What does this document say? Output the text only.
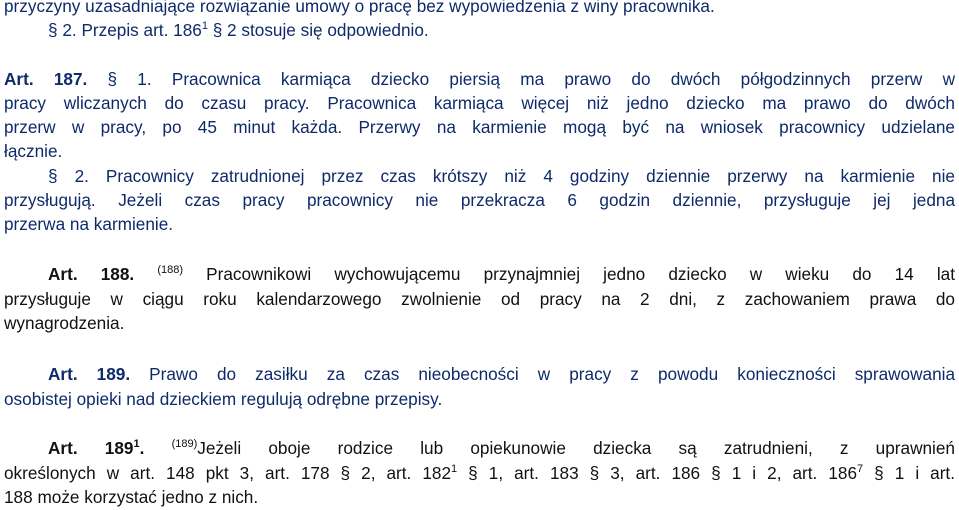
przyczyny uzasadniające rozwiązanie umowy o pracę bez wypowiedzenia z winy pracownika.
§ 2. Przepis art. $186^1$ § 2 stosuje się odpowiednio.
Art. 187. § 1. Pracownica karmiąca dziecko piersią ma prawo do dwóch półgodzinnych przerw w
pracy wliczanych do czasu pracy. Pracownica karmiąca więcej niż jedno dziecko ma prawo do dwóch
przerw w pracy, po 45 minut każda. Przerwy na karmienie mogą być na wniosek pracownicy udzielane
łącznie.
§ 2. Pracownicy zatrudnionej przez czas krótszy niż 4 godziny dziennie przerwy na karmienie nie
przysługują. Jeżeli czas pracy pracownicy nie przekracza 6 godzin dziennie, przysługuje jej jedna
przerwa na karmienie.
Art. 188. $^{(188)}$ Pracownikowi wychowującemu przynajmniej jedno dziecko w wieku do 14 lat
przysługuje w ciągu roku kalendarzowego zwolnienie od pracy na 2 dni, z zachowaniem prawa do
wynagrodzenia.
Art. 189. Prawo do zasiłku za czas nieobecności w pracy z powodu konieczności sprawowania
osobistej opieki nad dzieckiem regulują odrębne przepisy.
Art. $189^1$. $^{(189)}$Jeżeli oboje rodzice lub opiekunowie dziecka są zatrudnieni, z uprawnień
określonych w art. 148 pkt 3, art. 178 § 2, art. $182^1$ § 1, art. 183 § 3, art. 186 § 1 i 2, art. $186^7$ § 1 i art.
188 może korzystać jedno z nich.
